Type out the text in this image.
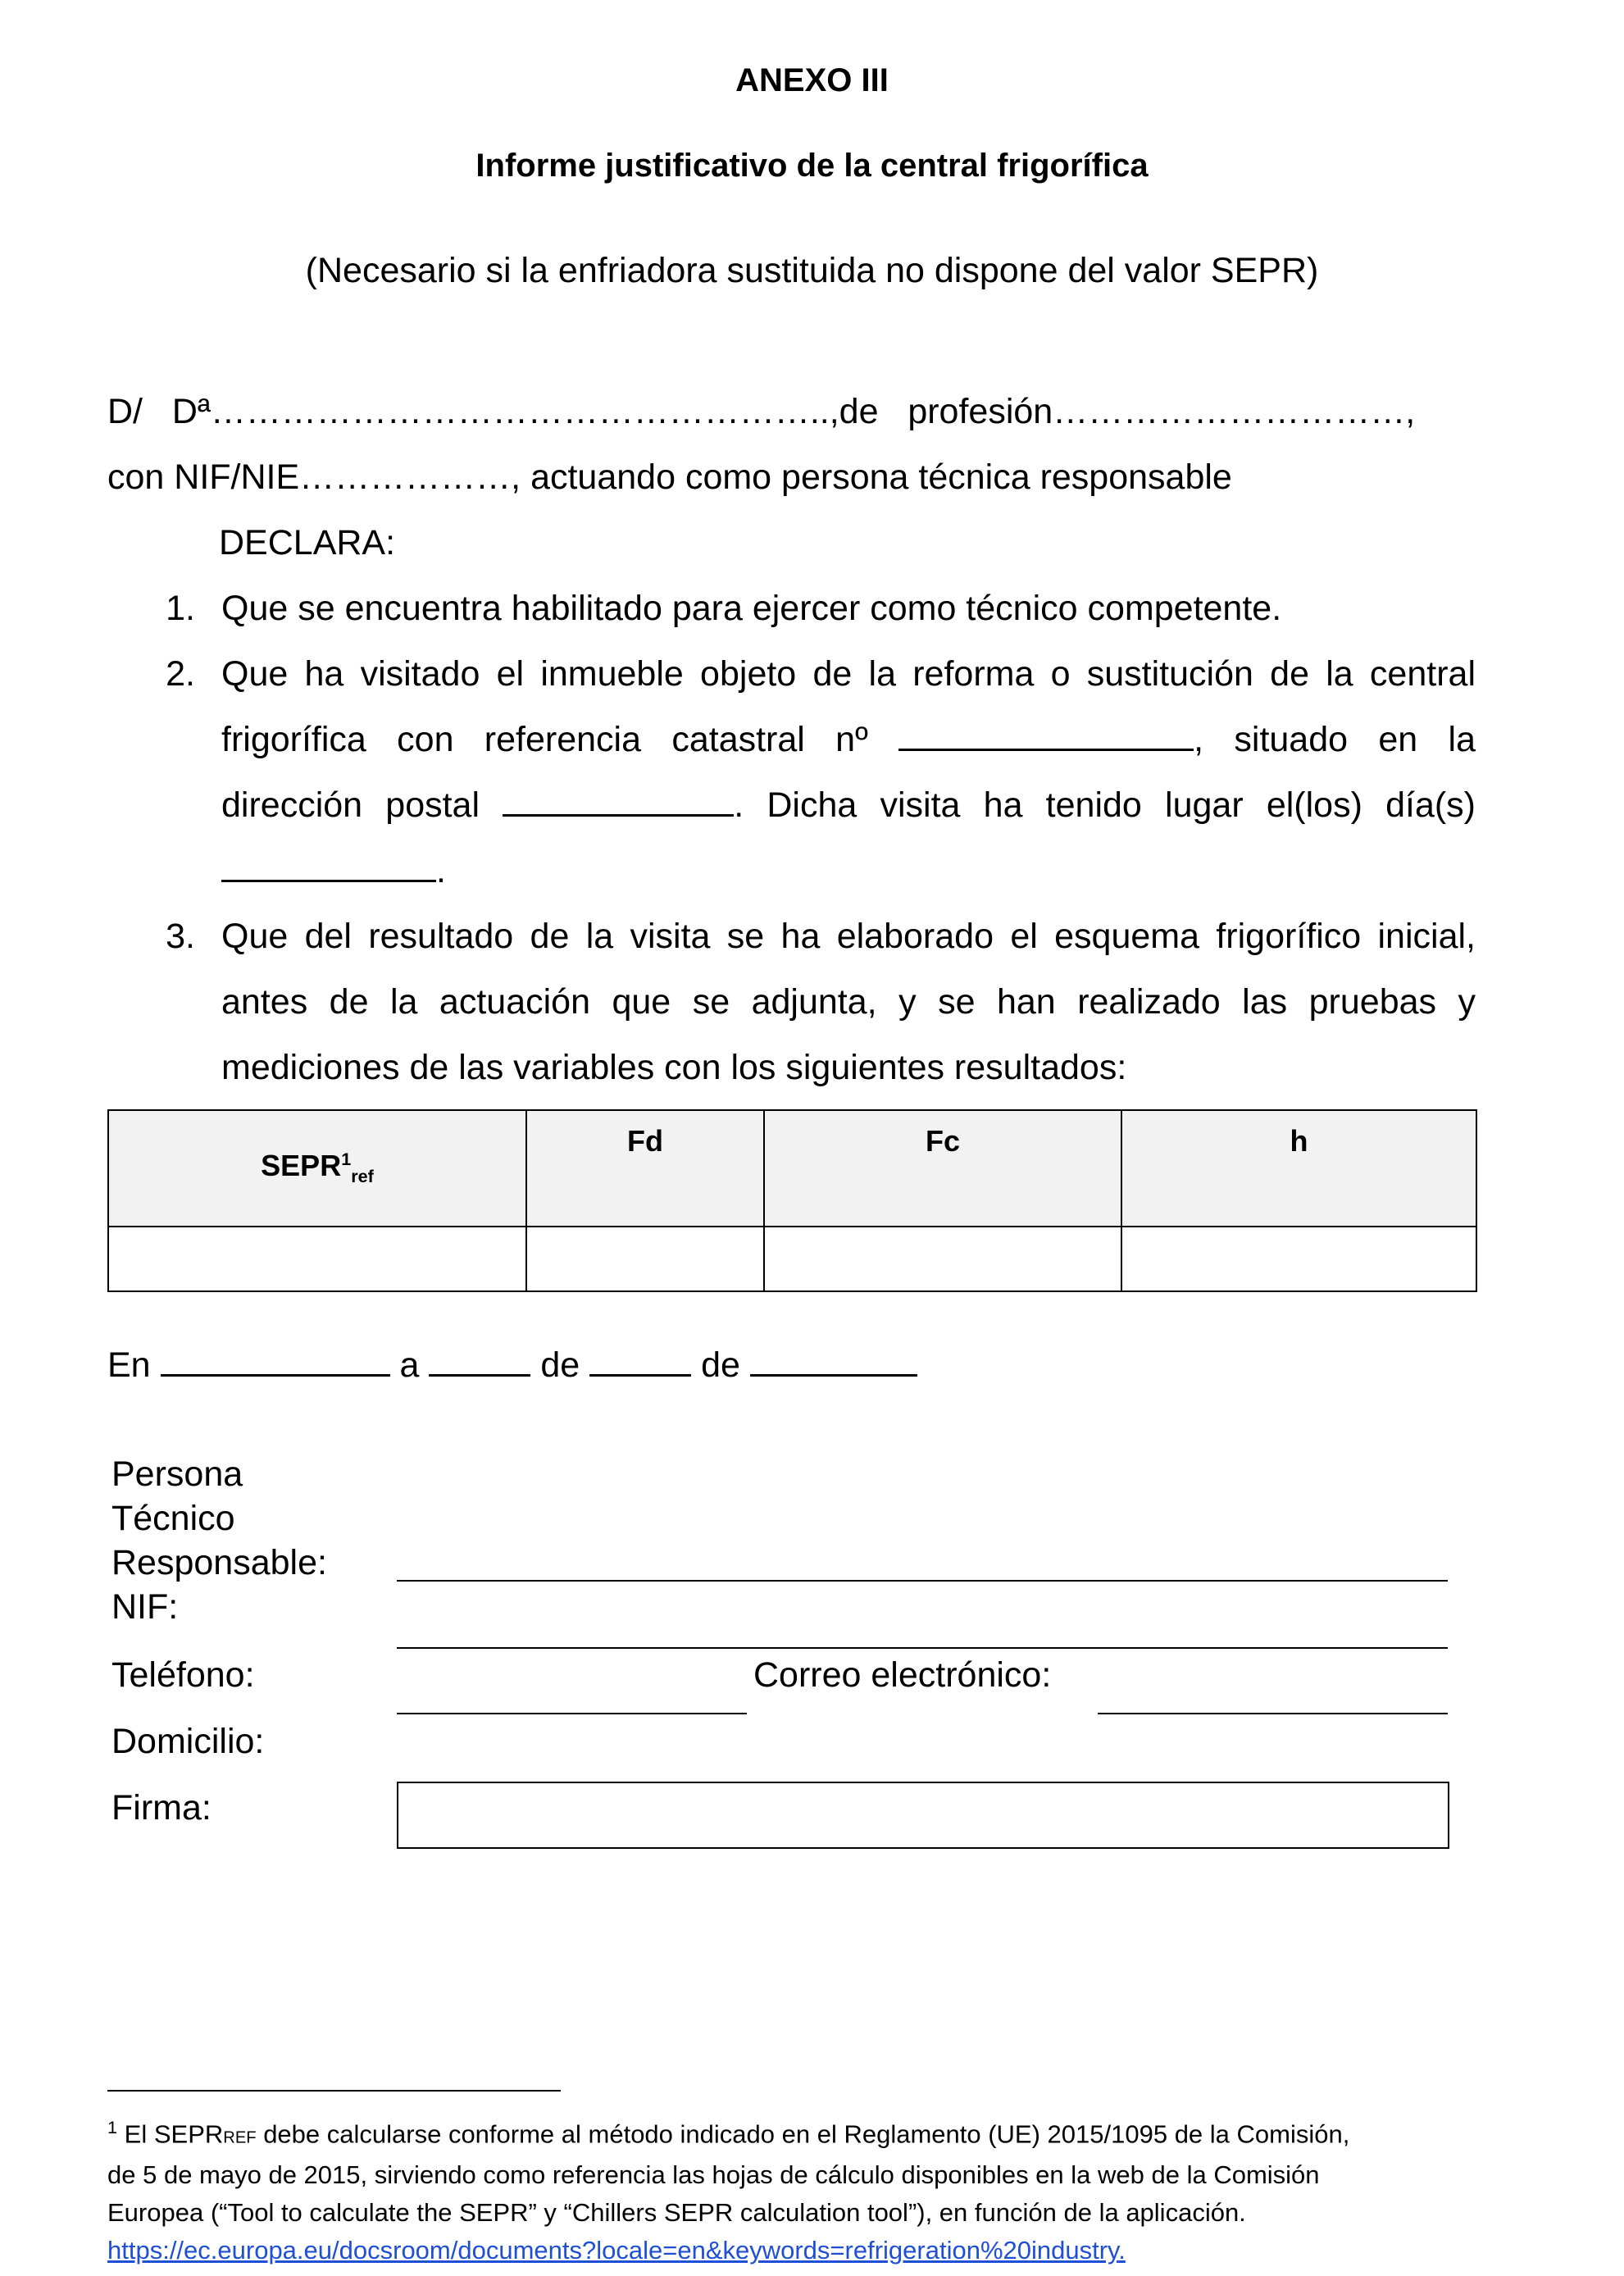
ANEXO III
Informe justificativo de la central frigorífica
(Necesario si la enfriadora sustituida no dispone del valor SEPR)
D/   Dª……………………………………………..,de   profesión…………………………,
con NIF/NIE………………, actuando como persona técnica responsable
DECLARA:
1. Que se encuentra habilitado para ejercer como técnico competente.
2. Que ha visitado el inmueble objeto de la reforma o sustitución de la central
frigorífica con referencia catastral nº	, situado en la
dirección postal	. Dicha visita ha tenido lugar el(los) día(s)
.
3. Que del resultado de la visita se ha elaborado el esquema frigorífico inicial,
antes de la actuación que se adjunta, y se han realizado las pruebas y
mediciones de las variables con los siguientes resultados:
$SEPR^1_{ref}$	Fd	Fc	h

En	a	de	de
Persona
Técnico
Responsable:
NIF:
Teléfono:	Correo electrónico:
Domicilio:
Firma:
$^1$ El SEPRREF debe calcularse conforme al método indicado en el Reglamento (UE) 2015/1095 de la Comisión,
de 5 de mayo de 2015, sirviendo como referencia las hojas de cálculo disponibles en la web de la Comisión
Europea (“Tool to calculate the SEPR” y “Chillers SEPR calculation tool”), en función de la aplicación.
https://ec.europa.eu/docsroom/documents?locale=en&keywords=refrigeration%20industry.
